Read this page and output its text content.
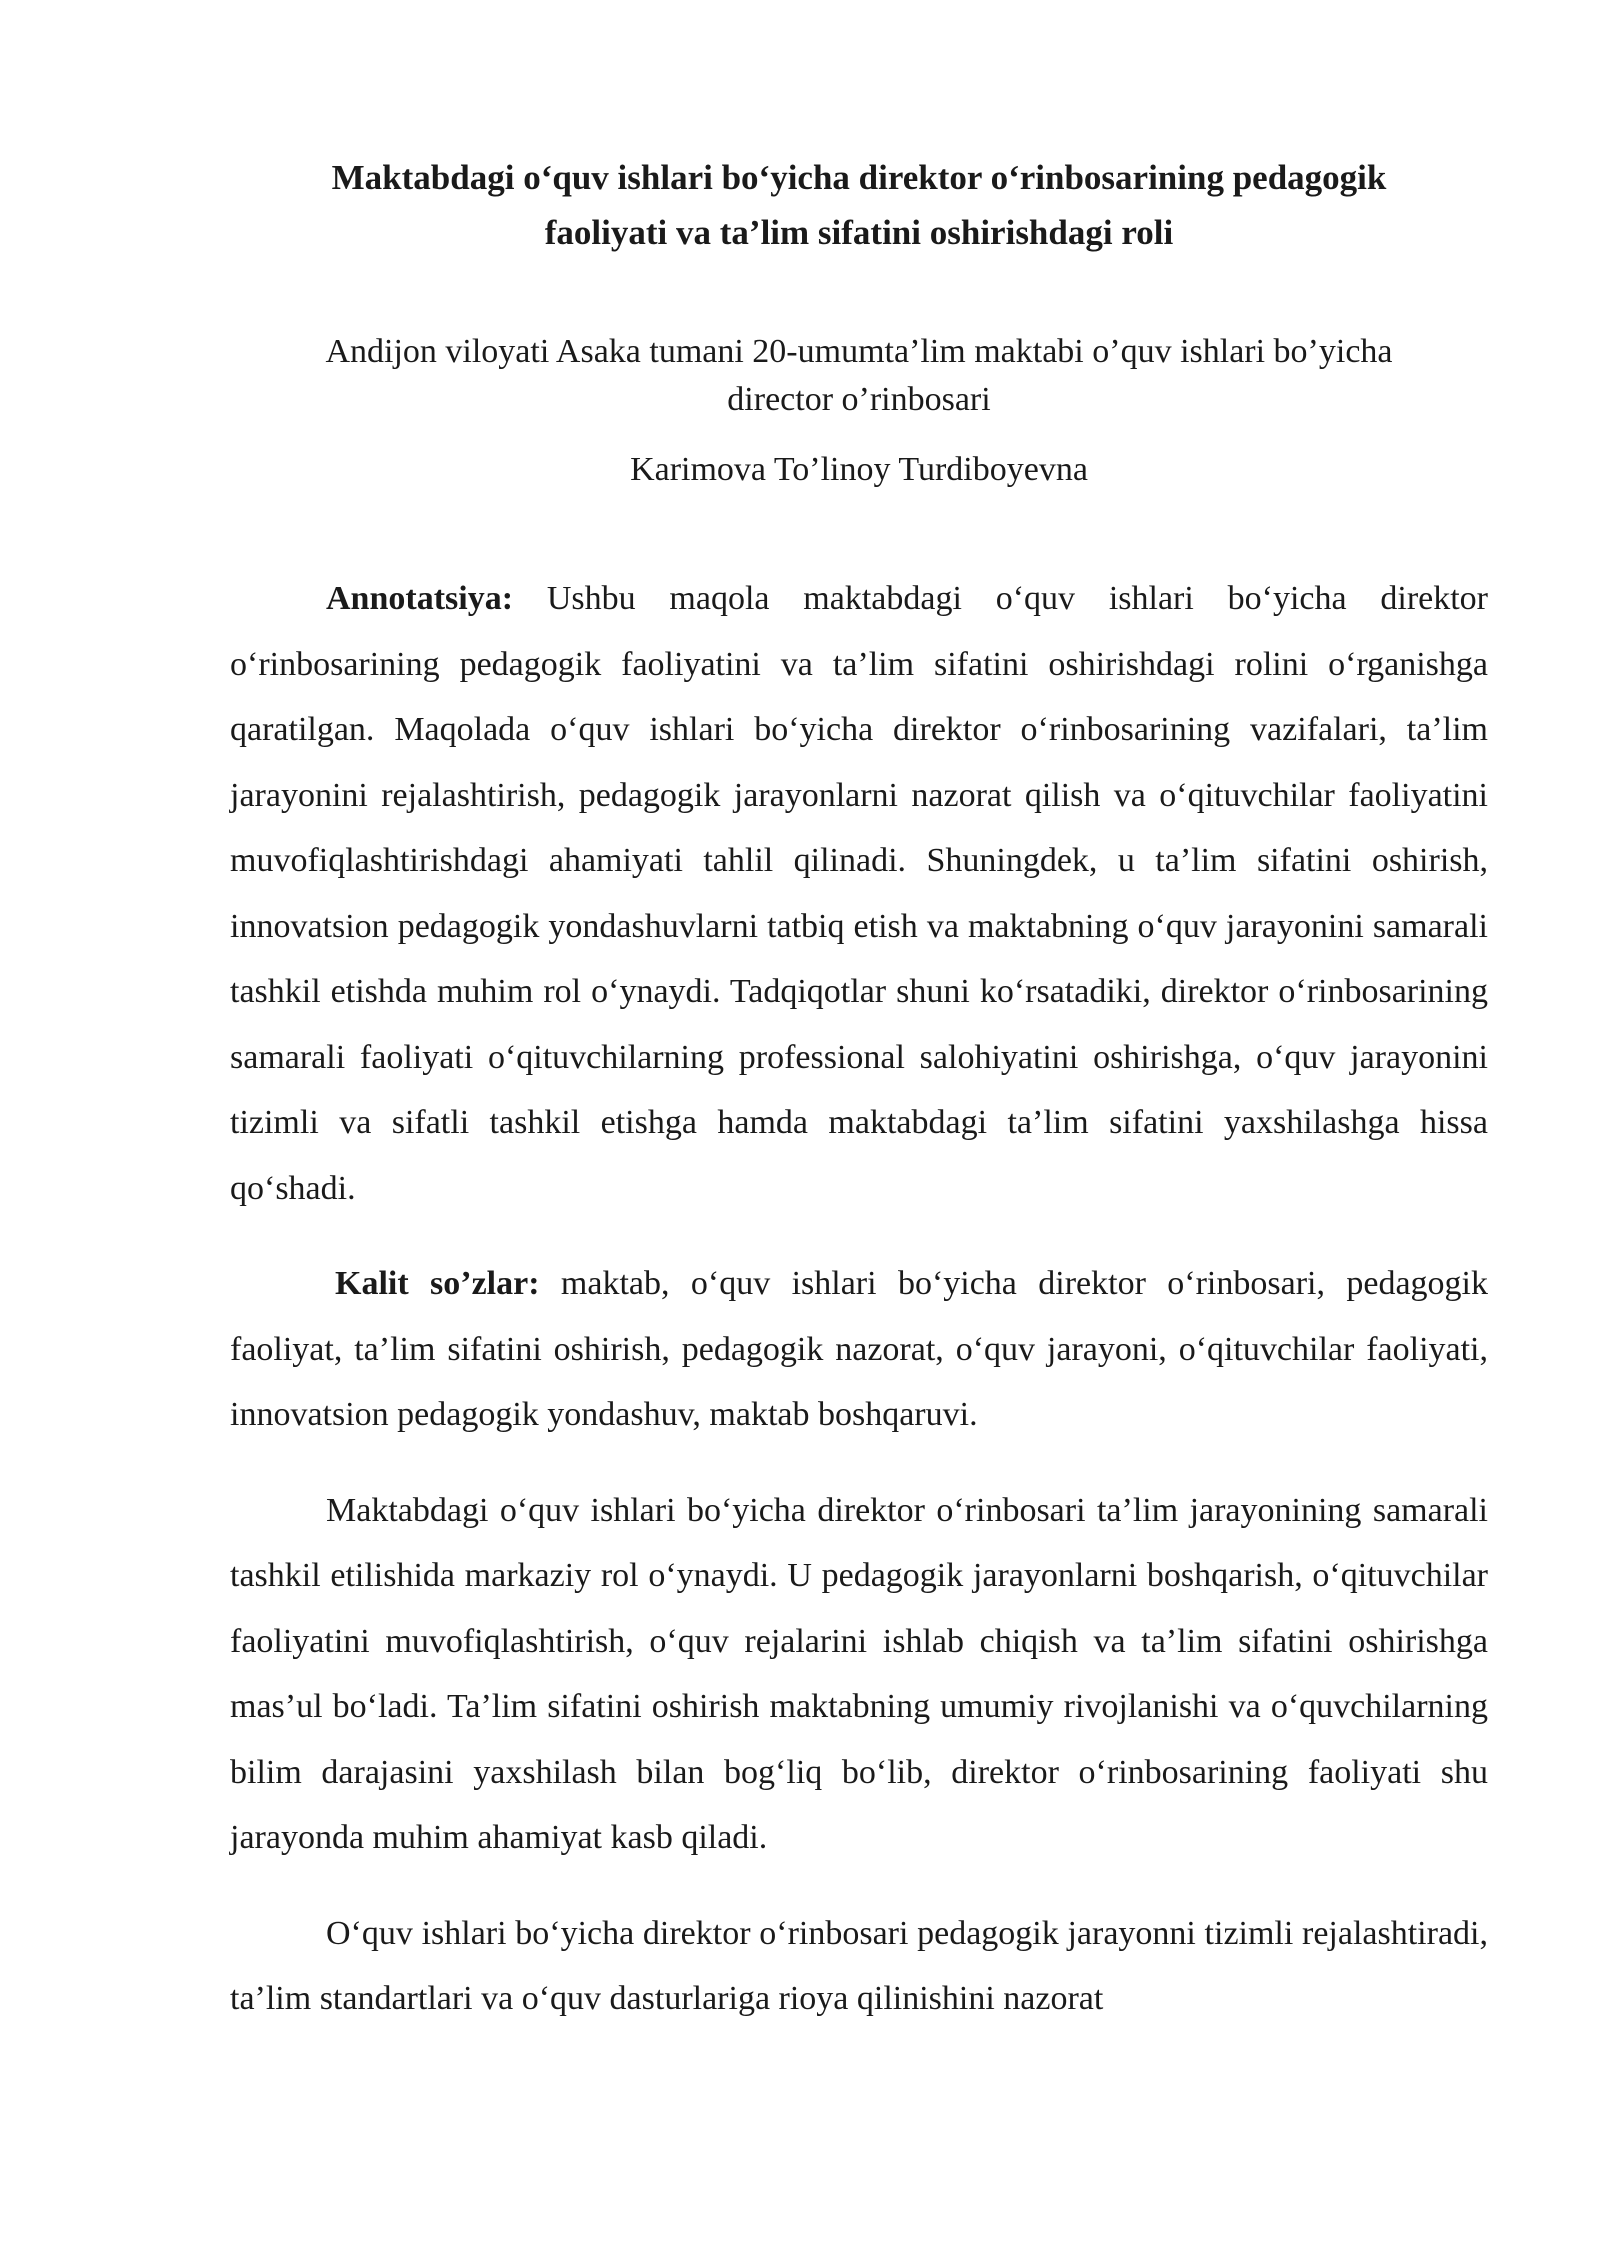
Maktabdagi o‘quv ishlari bo‘yicha direktor o‘rinbosarining pedagogik faoliyati va ta’lim sifatini oshirishdagi roli
Andijon viloyati Asaka tumani 20-umumta’lim maktabi o’quv ishlari bo’yicha director o’rinbosari
Karimova To’linoy Turdiboyevna

Annotatsiya: Ushbu maqola maktabdagi o‘quv ishlari bo‘yicha direktor o‘rinbosarining pedagogik faoliyatini va ta’lim sifatini oshirishdagi rolini o‘rganishga qaratilgan. Maqolada o‘quv ishlari bo‘yicha direktor o‘rinbosarining vazifalari, ta’lim jarayonini rejalashtirish, pedagogik jarayonlarni nazorat qilish va o‘qituvchilar faoliyatini muvofiqlashtirishdagi ahamiyati tahlil qilinadi. Shuningdek, u ta’lim sifatini oshirish, innovatsion pedagogik yondashuvlarni tatbiq etish va maktabning o‘quv jarayonini samarali tashkil etishda muhim rol o‘ynaydi. Tadqiqotlar shuni ko‘rsatadiki, direktor o‘rinbosarining samarali faoliyati o‘qituvchilarning professional salohiyatini oshirishga, o‘quv jarayonini tizimli va sifatli tashkil etishga hamda maktabdagi ta’lim sifatini yaxshilashga hissa qo‘shadi.

Kalit so’zlar: maktab, o‘quv ishlari bo‘yicha direktor o‘rinbosari, pedagogik faoliyat, ta’lim sifatini oshirish, pedagogik nazorat, o‘quv jarayoni, o‘qituvchilar faoliyati, innovatsion pedagogik yondashuv, maktab boshqaruvi.

Maktabdagi o‘quv ishlari bo‘yicha direktor o‘rinbosari ta’lim jarayonining samarali tashkil etilishida markaziy rol o‘ynaydi. U pedagogik jarayonlarni boshqarish, o‘qituvchilar faoliyatini muvofiqlashtirish, o‘quv rejalarini ishlab chiqish va ta’lim sifatini oshirishga mas’ul bo‘ladi. Ta’lim sifatini oshirish maktabning umumiy rivojlanishi va o‘quvchilarning bilim darajasini yaxshilash bilan bog‘liq bo‘lib, direktor o‘rinbosarining faoliyati shu jarayonda muhim ahamiyat kasb qiladi.

O‘quv ishlari bo‘yicha direktor o‘rinbosari pedagogik jarayonni tizimli rejalashtiradi, ta’lim standartlari va o‘quv dasturlariga rioya qilinishini nazorat
